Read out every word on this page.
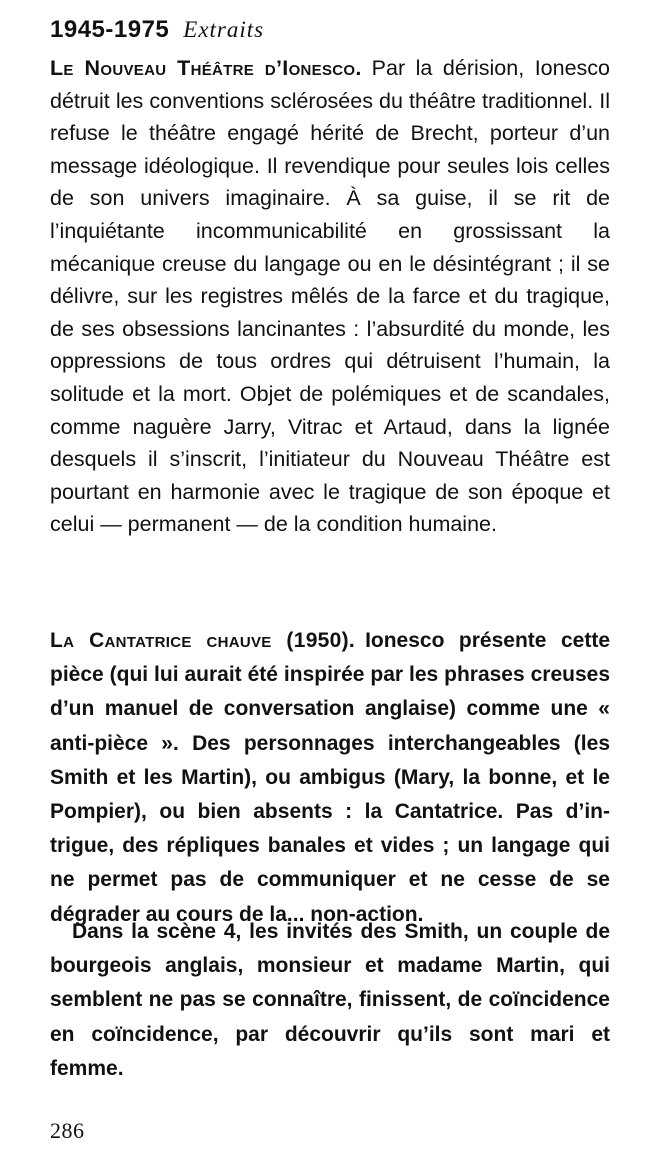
1945-1975 Extraits

Le Nouveau Théâtre d’Ionesco. Par la dérision, Ionesco détruit les conventions sclérosées du théâtre traditionnel. Il refuse le théâtre engagé hérité de Brecht, porteur d’un message idéologique. Il revendique pour seules lois celles de son univers imaginaire. À sa guise, il se rit de l’inquiétante incommunicabilité en grossissant la mécanique creuse du langage ou en le désintégrant ; il se délivre, sur les registres mêlés de la farce et du tragique, de ses obsessions lancinantes : l’absurdité du monde, les oppressions de tous ordres qui détruisent l’humain, la solitude et la mort. Objet de polémiques et de scandales, comme naguère Jarry, Vitrac et Artaud, dans la lignée desquels il s’inscrit, l’initiateur du Nouveau Théâtre est pourtant en harmonie avec le tragique de son époque et celui — permanent — de la condition humaine.

La Cantatrice chauve (1950). Ionesco présente cette pièce (qui lui aurait été inspirée par les phrases creuses d’un manuel de conversation anglaise) comme une « anti-pièce ». Des personnages interchangeables (les Smith et les Martin), ou ambigus (Mary, la bonne, et le Pompier), ou bien absents : la Cantatrice. Pas d’intrigue, des répliques banales et vides ; un langage qui ne permet pas de communiquer et ne cesse de se dégrader au cours de la... non-action.

Dans la scène 4, les invités des Smith, un couple de bourgeois anglais, monsieur et madame Martin, qui semblent ne pas se connaître, finissent, de coïncidence en coïncidence, par découvrir qu’ils sont mari et femme.

286
